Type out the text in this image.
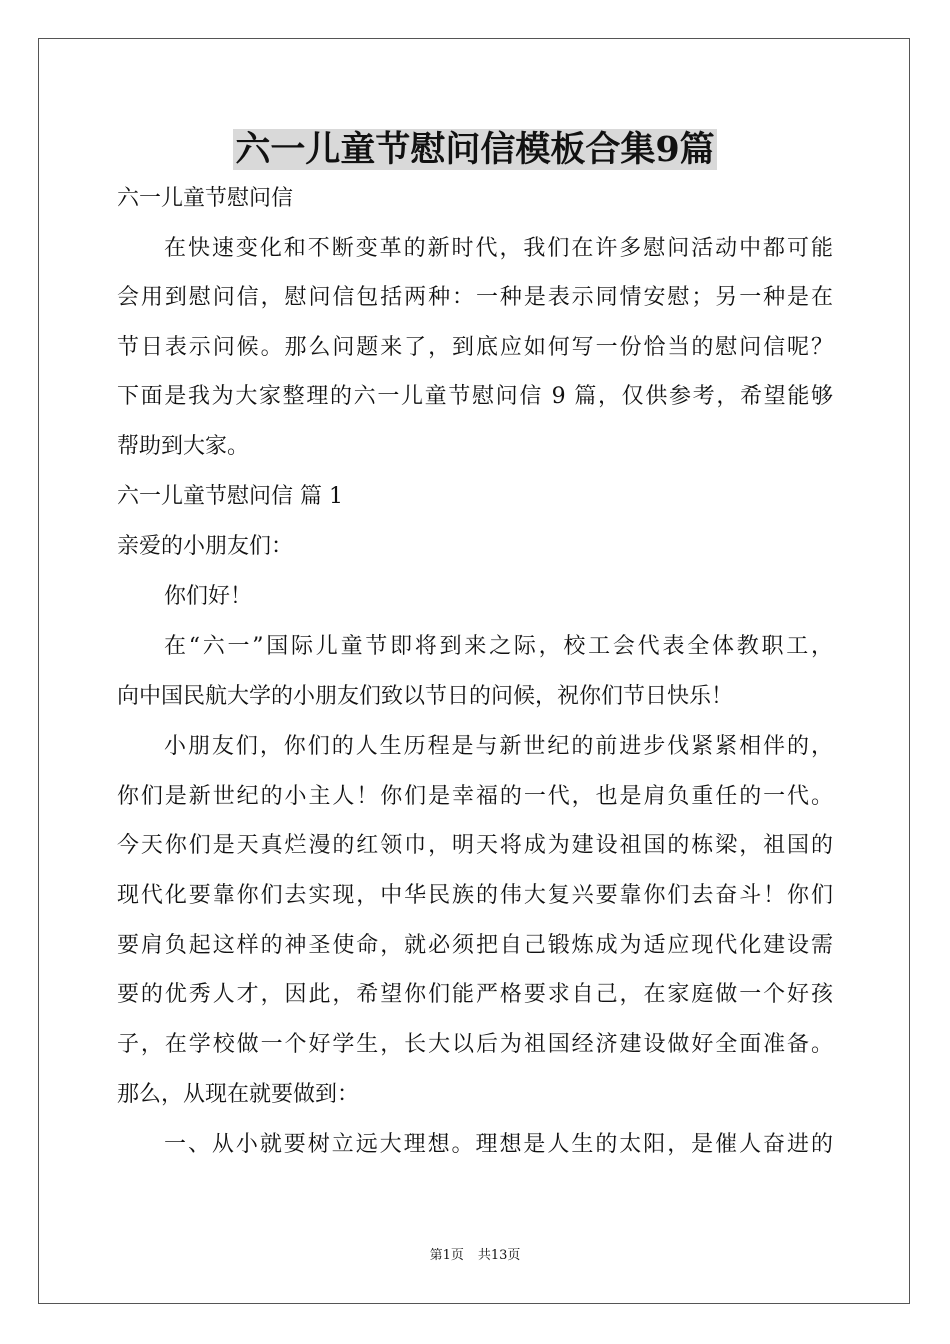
六一儿童节慰问信模板合集9篇
六一儿童节慰问信
在快速变化和不断变革的新时代，我们在许多慰问活动中都可能
会用到慰问信，慰问信包括两种：一种是表示同情安慰；另一种是在
节日表示问候。那么问题来了，到底应如何写一份恰当的慰问信呢？
下面是我为大家整理的六一儿童节慰问信 9 篇，仅供参考，希望能够
帮助到大家。
六一儿童节慰问信 篇 1
亲爱的小朋友们：
你们好！
在“六一”国际儿童节即将到来之际，校工会代表全体教职工，
向中国民航大学的小朋友们致以节日的问候，祝你们节日快乐！
小朋友们，你们的人生历程是与新世纪的前进步伐紧紧相伴的，
你们是新世纪的小主人！你们是幸福的一代，也是肩负重任的一代。
今天你们是天真烂漫的红领巾，明天将成为建设祖国的栋梁，祖国的
现代化要靠你们去实现，中华民族的伟大复兴要靠你们去奋斗！你们
要肩负起这样的神圣使命，就必须把自己锻炼成为适应现代化建设需
要的优秀人才，因此，希望你们能严格要求自己，在家庭做一个好孩
子，在学校做一个好学生，长大以后为祖国经济建设做好全面准备。
那么，从现在就要做到：
一、从小就要树立远大理想。理想是人生的太阳，是催人奋进的
第1页 共13页
